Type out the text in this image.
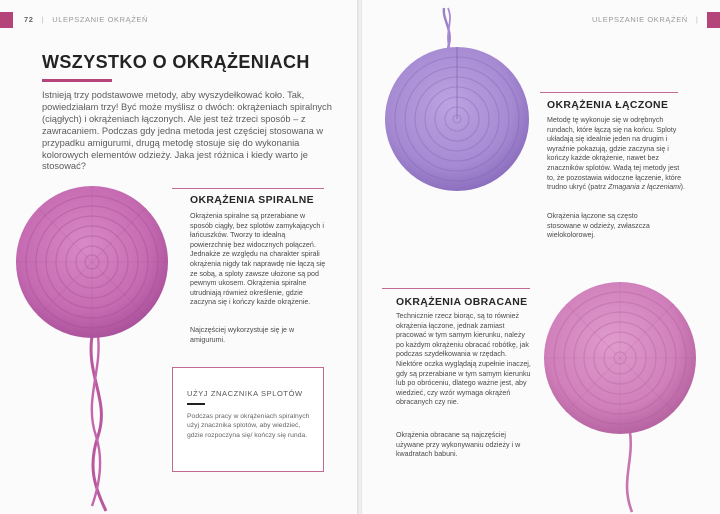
72   |   ULEPSZANIE OKRĄŻEŃ
WSZYSTKO O OKRĄŻENIACH

Istnieją trzy podstawowe metody, aby wyszydełkować koło. Tak, powiedziałam trzy! Być może myślisz o dwóch: okrążeniach spiralnych (ciągłych) i okrążeniach łączonych. Ale jest też trzeci sposób – z zawracaniem. Podczas gdy jedna metoda jest częściej stosowana w przypadku amigurumi, drugą metodę stosuje się do wykonania kolorowych elementów odzieży. Jaka jest różnica i kiedy warto je stosować?

OKRĄŻENIA SPIRALNE

Okrążenia spiralne są przerabiane w sposób ciągły, bez splotów zamykających i łańcuszków. Tworzy to idealną powierzchnię bez widocznych połączeń. Jednakże ze względu na charakter spirali okrążenia nigdy tak naprawdę nie łączą się ze sobą, a sploty zawsze ułożone są pod pewnym ukosem. Okrążenia spiralne utrudniają również określenie, gdzie zaczyna się i kończy każde okrążenie.

Najczęściej wykorzystuje się je w amigurumi.

UŻYJ ZNACZNIKA SPLOTÓW

Podczas pracy w okrążeniach spiralnych użyj znacznika splotów, aby wiedzieć, gdzie rozpoczyna się/ kończy się runda.

ULEPSZANIE OKRĄŻEŃ   |
OKRĄŻENIA ŁĄCZONE

Metodę tę wykonuje się w odrębnych rundach, które łączą się na końcu. Sploty układają się idealnie jeden na drugim i wyraźnie pokazują, gdzie zaczyna się i kończy każde okrążenie, nawet bez znaczników splotów. Wadą tej metody jest to, że pozostawia widoczne łączenie, które trudno ukryć (patrz Zmagania z łączeniami).

Okrążenia łączone są często stosowane w odzieży, zwłaszcza wielokolorowej.

OKRĄŻENIA OBRACANE

Technicznie rzecz biorąc, są to również okrążenia łączone, jednak zamiast pracować w tym samym kierunku, należy po każdym okrążeniu obracać robótkę, jak podczas szydełkowania w rzędach. Niektóre oczka wyglądają zupełnie inaczej, gdy są przerabiane w tym samym kierunku lub po obróceniu, dlatego ważne jest, aby wiedzieć, czy wzór wymaga okrążeń obracanych czy nie.

Okrążenia obracane są najczęściej używane przy wykonywaniu odzieży i w kwadratach babuni.
